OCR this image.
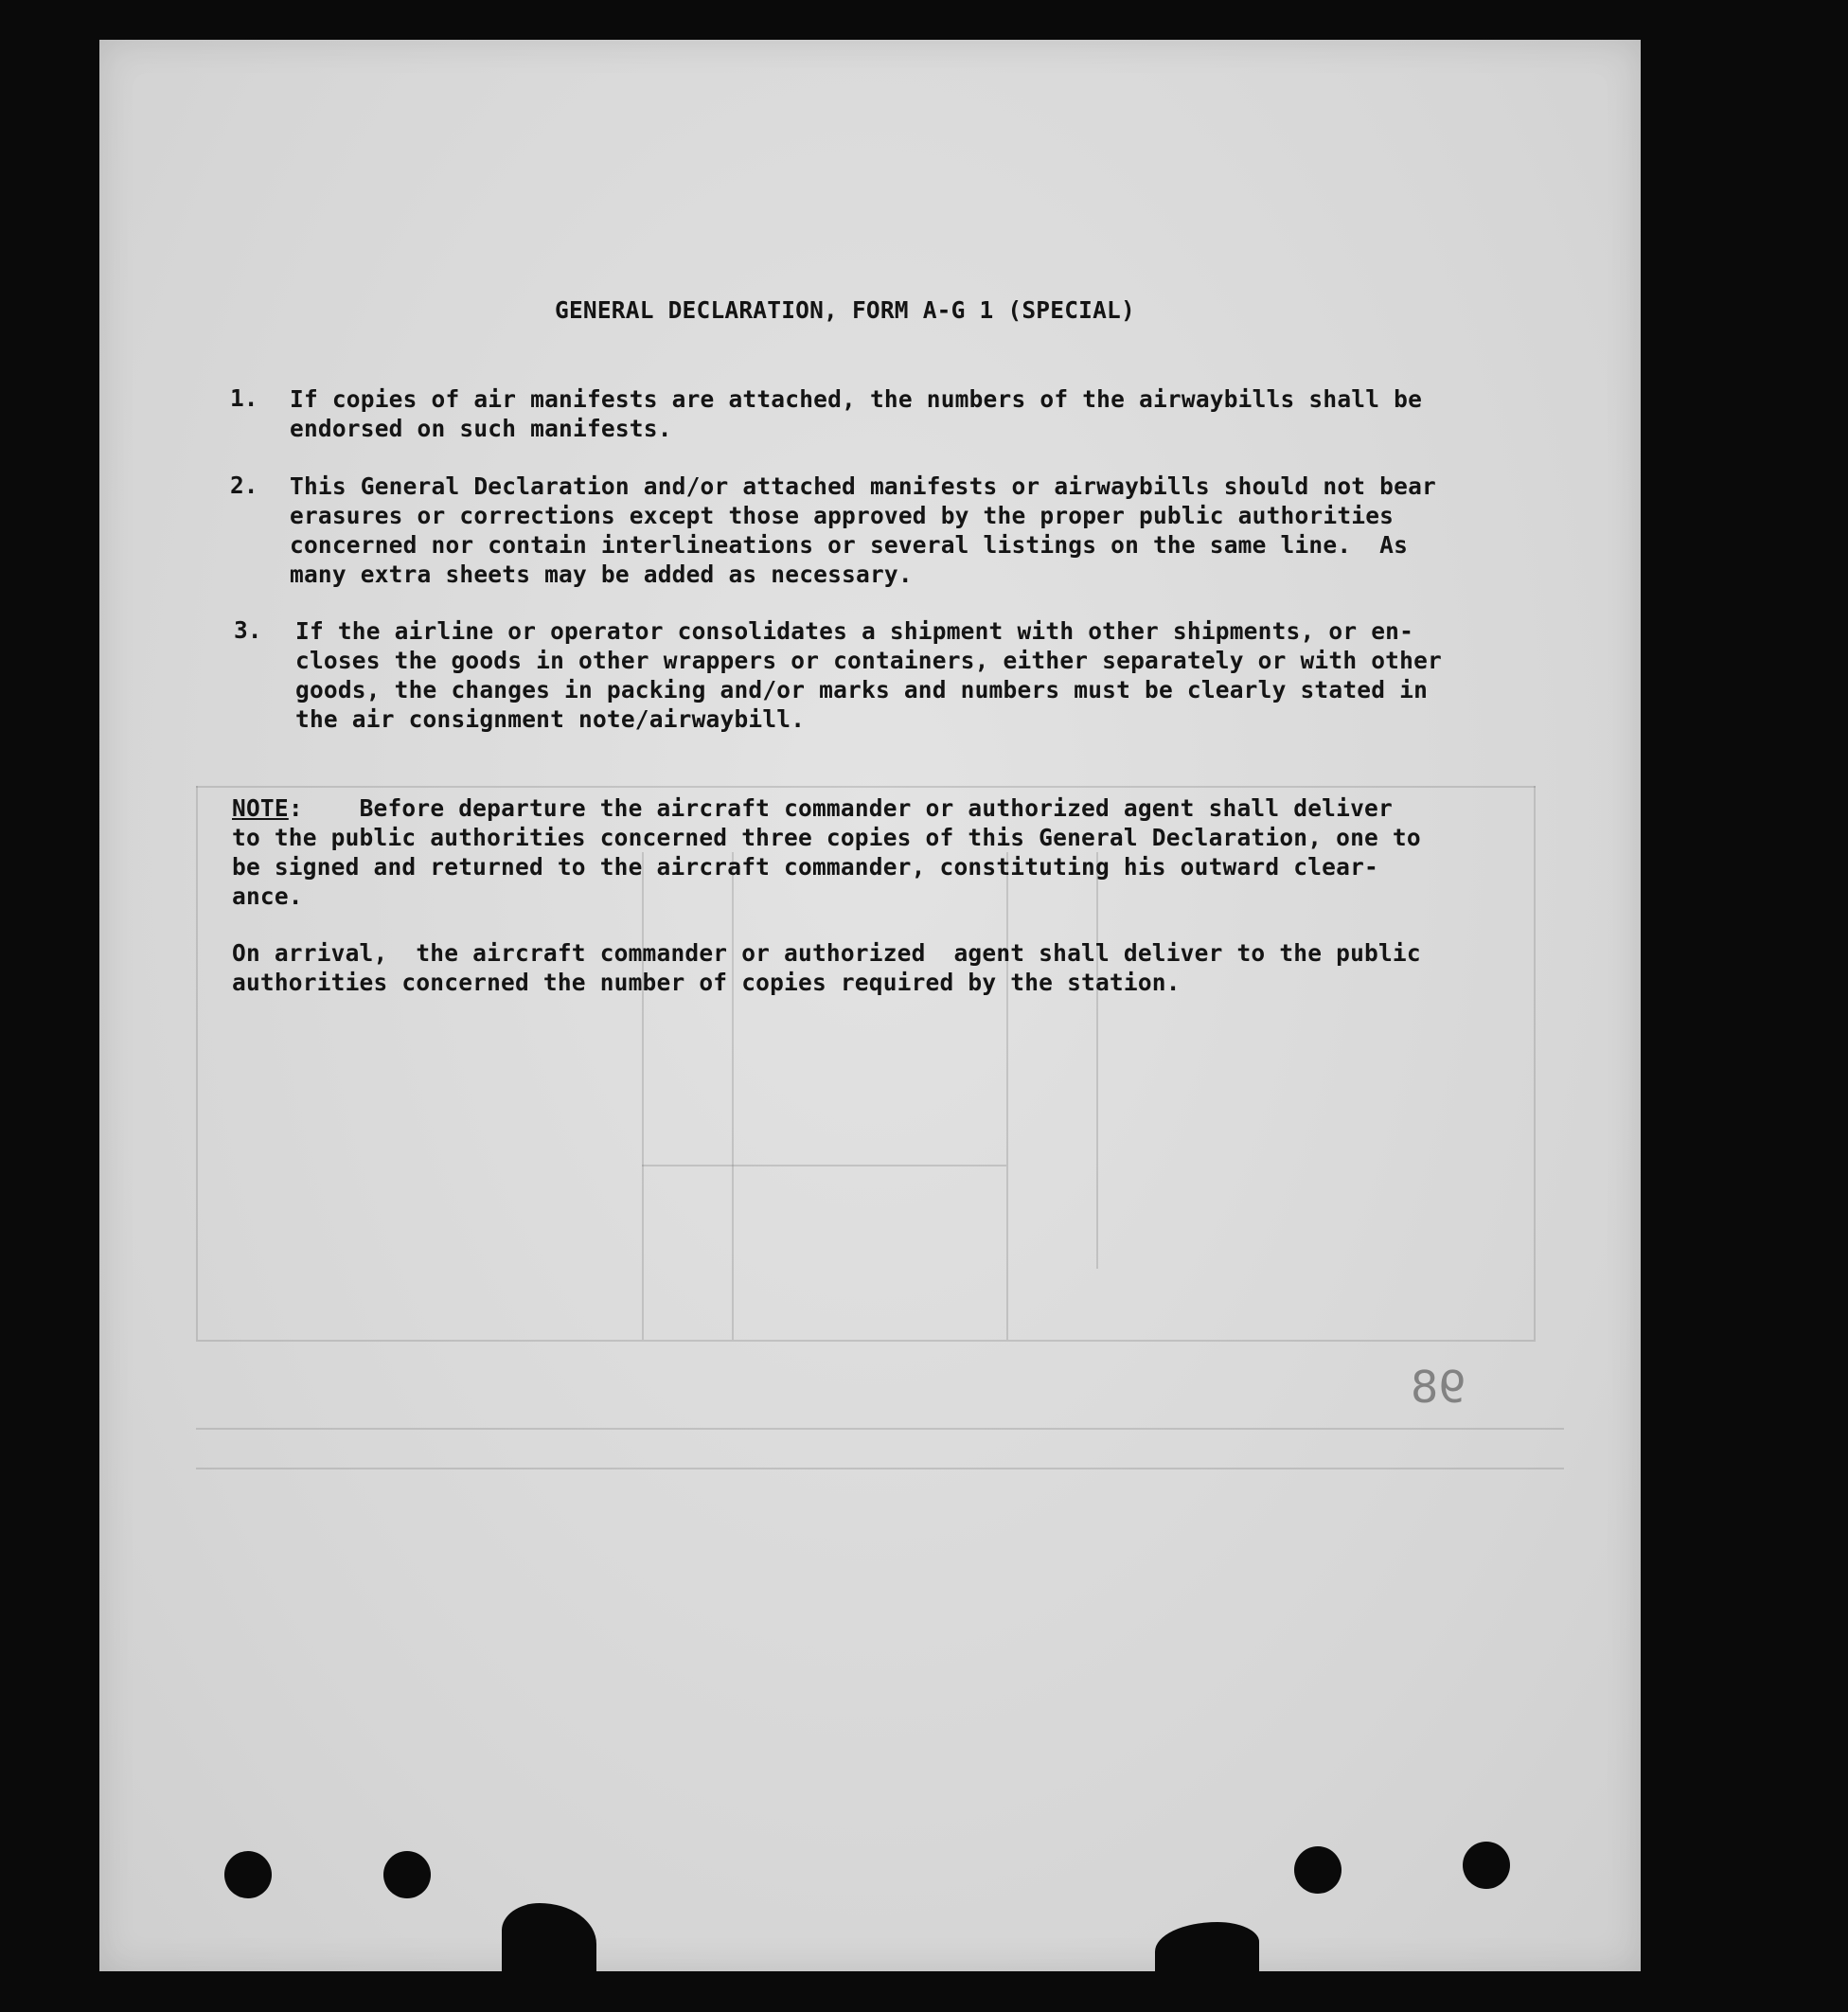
98
GENERAL DECLARATION, FORM A-G 1 (SPECIAL)
1. If copies of air manifests are attached, the numbers of the airwaybills shall be
endorsed on such manifests.
2. This General Declaration and/or attached manifests or airwaybills should not bear
erasures or corrections except those approved by the proper public authorities
concerned nor contain interlineations or several listings on the same line.  As
many extra sheets may be added as necessary.
3. If the airline or operator consolidates a shipment with other shipments, or en-
closes the goods in other wrappers or containers, either separately or with other
goods, the changes in packing and/or marks and numbers must be clearly stated in
the air consignment note/airwaybill.
NOTE:    Before departure the aircraft commander or authorized agent shall deliver
to the public authorities concerned three copies of this General Declaration, one to
be signed and returned to the aircraft commander, constituting his outward clear-
ance.
On arrival,  the aircraft commander or authorized  agent shall deliver to the public
authorities concerned the number of copies required by the station.
